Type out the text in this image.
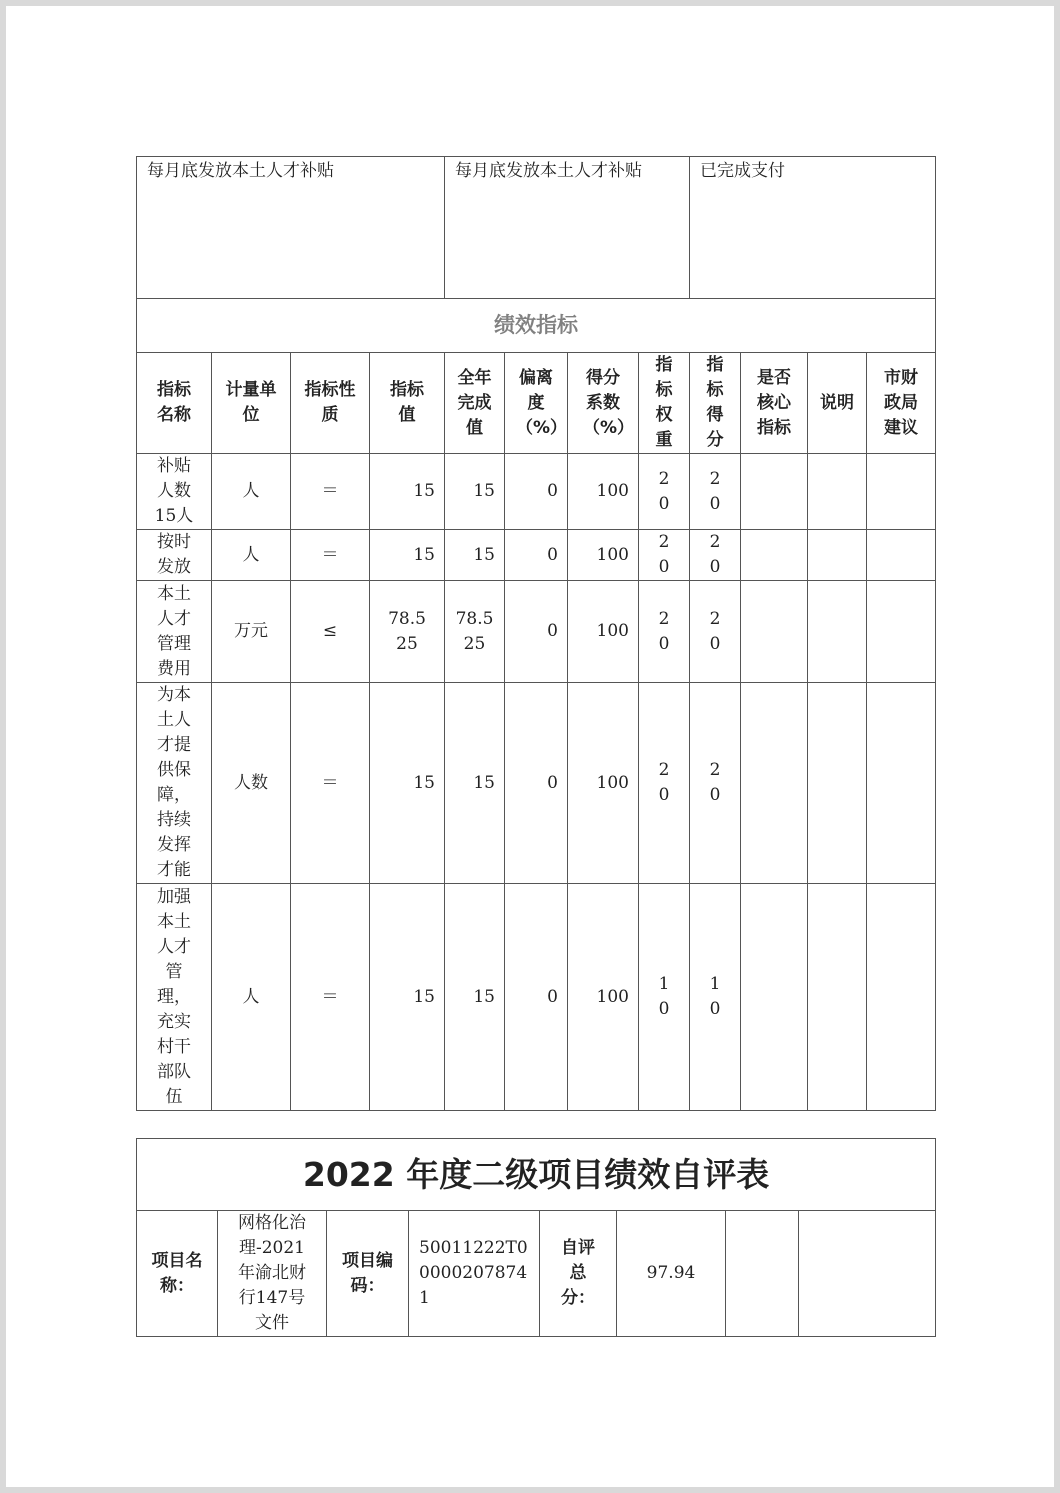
每月底发放本土人才补贴				每月底发放本土人才补贴				已完成支付			
绩效指标											

指标名称	计量单位	指标性质	指标值	全年完成值	偏离度（%）	得分系数（%）	指标权重	指标得分	是否核心指标	说明	市财政局建议

补贴人数15人	人	＝	15	15	0	100	20	20			

按时发放	人	＝	15	15	0	100	20	20			

本土人才管理费用	万元	≤	78.525	78.525	0	100	20	20			

为本土人才提供保障，持续发挥才能	人数	＝	15	15	0	100	20	20			

加强本土人才管理，充实村干部队伍	人	＝	15	15	0	100	10	10			
2022 年度二级项目绩效自评表

项目名称：

网格化治理-2021年渝北财行147号文件

项目编码：

50011222T000002078741

自评总分：
	97.94		
